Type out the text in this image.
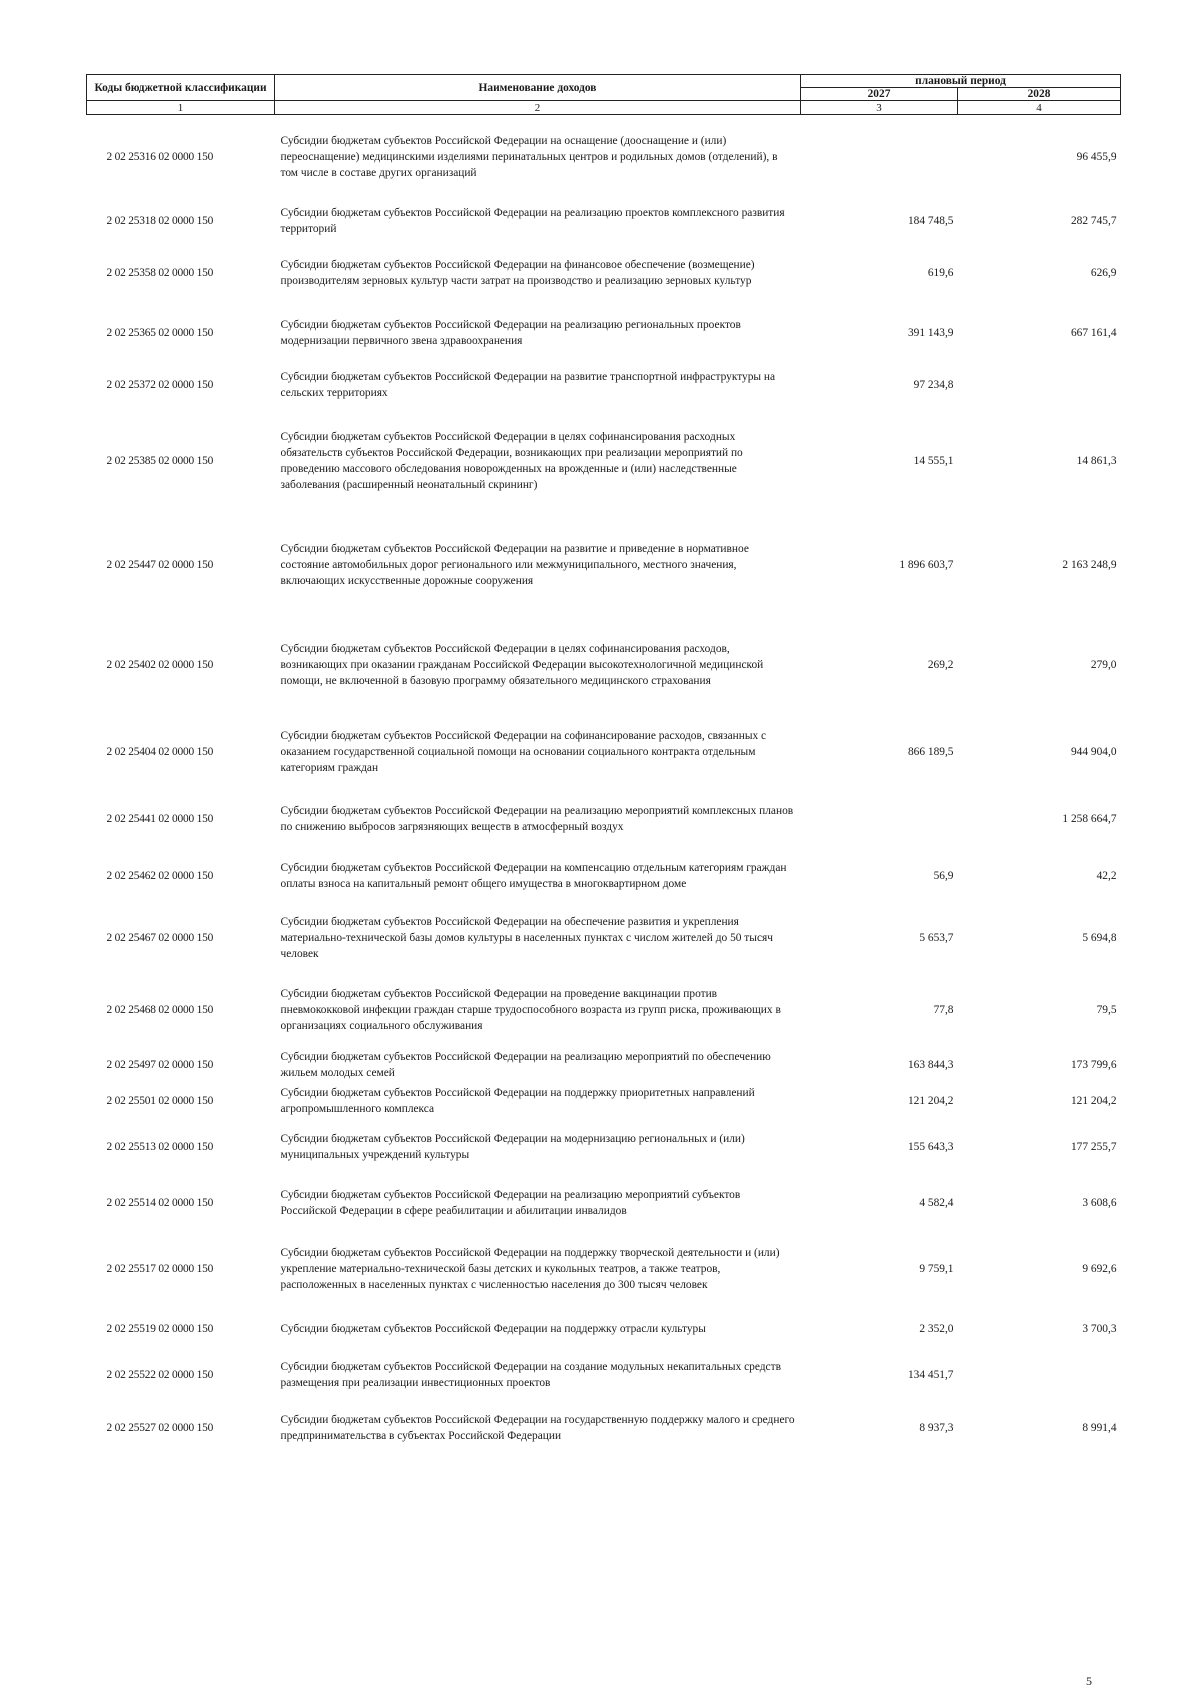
Коды бюджетной классификации	Наименование доходов	плановый период	
		2027	2028
1	2	3	4
2 02 25316 02 0000 150	Субсидии бюджетам субъектов Российской Федерации на оснащение (дооснащение и (или) переоснащение) медицинскими изделиями перинатальных центров и родильных домов (отделений), в том числе в составе других организаций		96 455,9
2 02 25318 02 0000 150	Субсидии бюджетам субъектов Российской Федерации на реализацию проектов комплексного развития территорий	184 748,5	282 745,7
2 02 25358 02 0000 150	Субсидии бюджетам субъектов Российской Федерации на финансовое обеспечение (возмещение) производителям зерновых культур части затрат на производство и реализацию зерновых культур	619,6	626,9
2 02 25365 02 0000 150	Субсидии бюджетам субъектов Российской Федерации на реализацию региональных проектов модернизации первичного звена здравоохранения	391 143,9	667 161,4
2 02 25372 02 0000 150	Субсидии бюджетам субъектов Российской Федерации на развитие транспортной инфраструктуры на сельских территориях	97 234,8	
2 02 25385 02 0000 150	Субсидии бюджетам субъектов Российской Федерации в целях софинансирования расходных обязательств субъектов Российской Федерации, возникающих при реализации мероприятий по проведению массового обследования новорожденных на врожденные и (или) наследственные заболевания (расширенный неонатальный скрининг)	14 555,1	14 861,3
2 02 25447 02 0000 150	Субсидии бюджетам субъектов Российской Федерации на развитие и приведение в нормативное состояние автомобильных дорог регионального или межмуниципального, местного значения, включающих искусственные дорожные сооружения	1 896 603,7	2 163 248,9
2 02 25402 02 0000 150	Субсидии бюджетам субъектов Российской Федерации в целях софинансирования расходов, возникающих при оказании гражданам Российской Федерации высокотехнологичной медицинской помощи, не включенной в базовую программу обязательного медицинского страхования	269,2	279,0
2 02 25404 02 0000 150	Субсидии бюджетам субъектов Российской Федерации на софинансирование расходов, связанных с оказанием государственной социальной помощи на основании социального контракта отдельным категориям граждан	866 189,5	944 904,0
2 02 25441 02 0000 150	Субсидии бюджетам субъектов Российской Федерации на реализацию мероприятий комплексных планов по снижению выбросов загрязняющих веществ в атмосферный воздух		1 258 664,7
2 02 25462 02 0000 150	Субсидии бюджетам субъектов Российской Федерации на компенсацию отдельным категориям граждан оплаты взноса на капитальный ремонт общего имущества в многоквартирном доме	56,9	42,2
2 02 25467 02 0000 150	Субсидии бюджетам субъектов Российской Федерации на обеспечение развития и укрепления материально-технической базы домов культуры в населенных пунктах с числом жителей до 50 тысяч человек	5 653,7	5 694,8
2 02 25468 02 0000 150	Субсидии бюджетам субъектов Российской Федерации на проведение вакцинации против пневмококковой инфекции граждан старше трудоспособного возраста из групп риска, проживающих в организациях социального обслуживания	77,8	79,5
2 02 25497 02 0000 150	Субсидии бюджетам субъектов Российской Федерации на реализацию мероприятий по обеспечению жильем молодых семей	163 844,3	173 799,6
2 02 25501 02 0000 150	Субсидии бюджетам субъектов Российской Федерации на поддержку приоритетных направлений агропромышленного комплекса	121 204,2	121 204,2
2 02 25513 02 0000 150	Субсидии бюджетам субъектов Российской Федерации на модернизацию региональных и (или) муниципальных учреждений культуры	155 643,3	177 255,7
2 02 25514 02 0000 150	Субсидии бюджетам субъектов Российской Федерации на реализацию мероприятий субъектов Российской Федерации в сфере реабилитации и абилитации инвалидов	4 582,4	3 608,6
2 02 25517 02 0000 150	Субсидии бюджетам субъектов Российской Федерации на поддержку творческой деятельности и (или) укрепление материально-технической базы детских и кукольных театров, а также театров, расположенных в населенных пунктах с численностью населения до 300 тысяч человек	9 759,1	9 692,6
2 02 25519 02 0000 150	Субсидии бюджетам субъектов Российской Федерации на поддержку отрасли культуры	2 352,0	3 700,3
2 02 25522 02 0000 150	Субсидии бюджетам субъектов Российской Федерации на создание модульных некапитальных средств размещения при реализации инвестиционных проектов	134 451,7	
2 02 25527 02 0000 150	Субсидии бюджетам субъектов Российской Федерации на государственную поддержку малого и среднего предпринимательства в субъектах Российской Федерации	8 937,3	8 991,4
5
